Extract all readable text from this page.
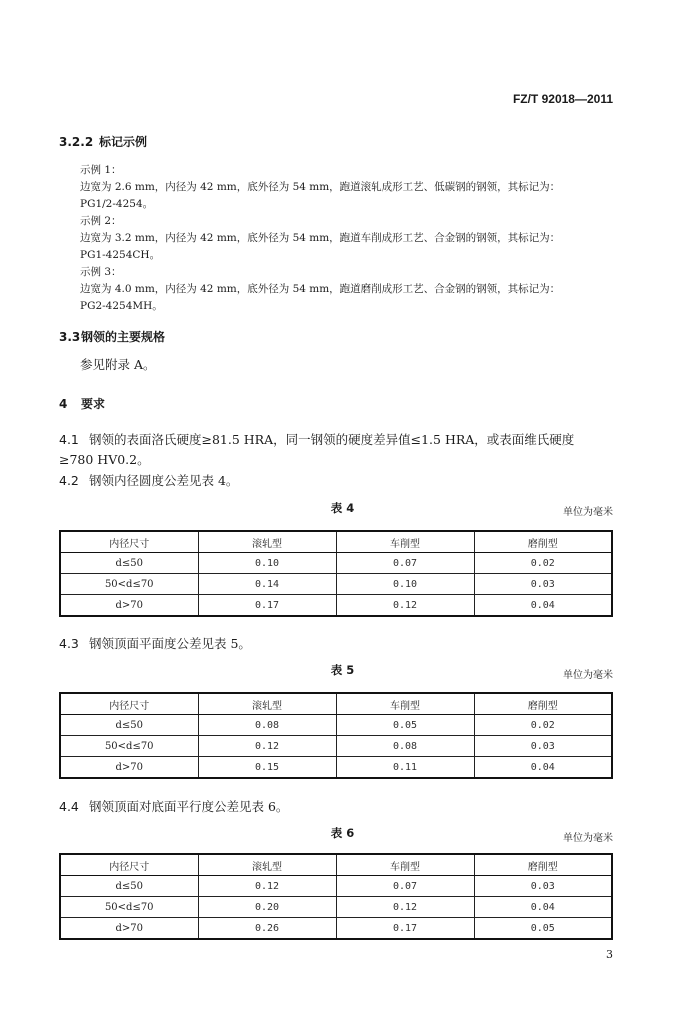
FZ/T 92018—2011
3.2.2 标记示例
示例 1：
边宽为 2.6 mm，内径为 42 mm，底外径为 54 mm，跑道滚轧成形工艺、低碳钢的钢领，其标记为：
PG1/2-4254。
示例 2：
边宽为 3.2 mm，内径为 42 mm，底外径为 54 mm，跑道车削成形工艺、合金钢的钢领，其标记为：
PG1-4254CH。
示例 3：
边宽为 4.0 mm，内径为 42 mm，底外径为 54 mm，跑道磨削成形工艺、合金钢的钢领，其标记为：
PG2-4254MH。
3.3钢领的主要规格
参见附录 A。
4 要求
4.1 钢领的表面洛氏硬度≥81.5 HRA，同一钢领的硬度差异值≤1.5 HRA，或表面维氏硬度
≥780 HV0.2。
4.2 钢领内径圆度公差见表 4。
表 4	单位为毫米
内径尺寸	滚轧型	车削型	磨削型
d≤50	0.10	0.07	0.02
50<d≤70	0.14	0.10	0.03
d>70	0.17	0.12	0.04
4.3 钢领顶面平面度公差见表 5。
表 5	单位为毫米
内径尺寸	滚轧型	车削型	磨削型
d≤50	0.08	0.05	0.02
50<d≤70	0.12	0.08	0.03
d>70	0.15	0.11	0.04
4.4 钢领顶面对底面平行度公差见表 6。
表 6	单位为毫米
内径尺寸	滚轧型	车削型	磨削型
d≤50	0.12	0.07	0.03
50<d≤70	0.20	0.12	0.04
d>70	0.26	0.17	0.05
3
